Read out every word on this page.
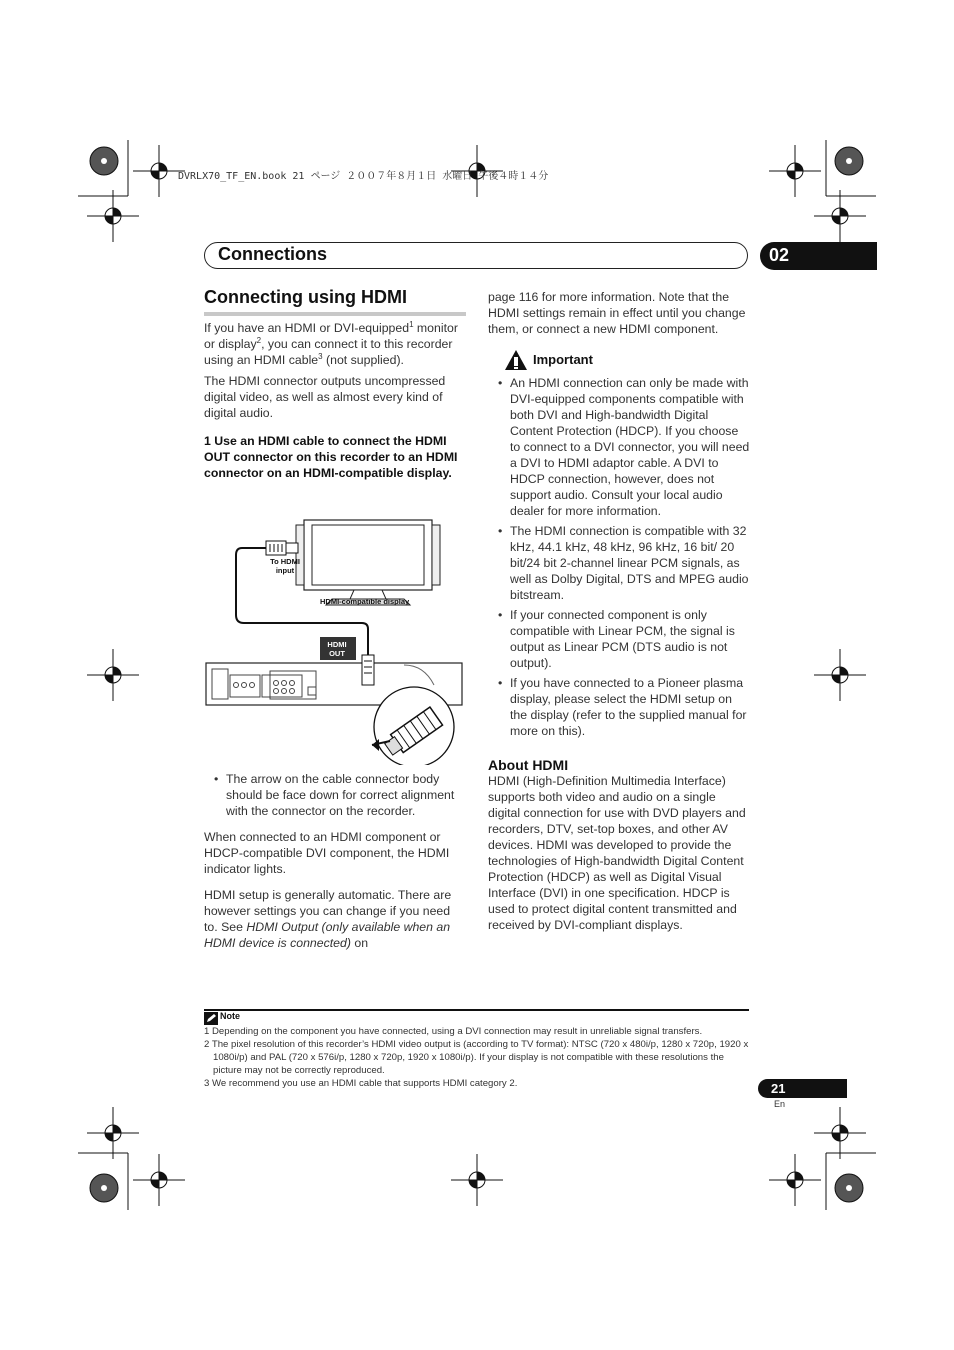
DVRLX70_TF_EN.book 21 ページ ２００７年８月１日 水曜日 午後４時１４分
Connections	02
Connecting using HDMI

If you have an HDMI or DVI-equipped$^1$ monitor or display$^2$, you can connect it to this recorder using an HDMI cable$^3$ (not supplied).

The HDMI connector outputs uncompressed digital video, as well as almost every kind of digital audio.

1 Use an HDMI cable to connect the HDMI OUT connector on this recorder to an HDMI connector on an HDMI-compatible display.

To HDMI input
HDMI-compatible display
HDMI OUT
• The arrow on the cable connector body should be face down for correct alignment with the connector on the recorder.

When connected to an HDMI component or HDCP-compatible DVI component, the HDMI indicator lights.

HDMI setup is generally automatic. There are however settings you can change if you need to. See HDMI Output (only available when an HDMI device is connected) on

page 116 for more information. Note that the HDMI settings remain in effect until you change them, or connect a new HDMI component.

Important
• An HDMI connection can only be made with DVI-equipped components compatible with both DVI and High-bandwidth Digital Content Protection (HDCP). If you choose to connect to a DVI connector, you will need a DVI to HDMI adaptor cable. A DVI to HDCP connection, however, does not support audio. Consult your local audio dealer for more information.
• The HDMI connection is compatible with 32 kHz, 44.1 kHz, 48 kHz, 96 kHz, 16 bit/ 20 bit/24 bit 2-channel linear PCM signals, as well as Dolby Digital, DTS and MPEG audio bitstream.
• If your connected component is only compatible with Linear PCM, the signal is output as Linear PCM (DTS audio is not output).
• If you have connected to a Pioneer plasma display, please select the HDMI setup on the display (refer to the supplied manual for more on this).
About HDMI

HDMI (High-Definition Multimedia Interface) supports both video and audio on a single digital connection for use with DVD players and recorders, DTV, set-top boxes, and other AV devices. HDMI was developed to provide the technologies of High-bandwidth Digital Content Protection (HDCP) as well as Digital Visual Interface (DVI) in one specification. HDCP is used to protect digital content transmitted and received by DVI-compliant displays.

Note
1 Depending on the component you have connected, using a DVI connection may result in unreliable signal transfers.
2 The pixel resolution of this recorder’s HDMI video output is (according to TV format): NTSC (720 x 480i/p, 1280 x 720p, 1920 x 1080i/p) and PAL (720 x 576i/p, 1280 x 720p, 1920 x 1080i/p). If your display is not compatible with these resolutions the picture may not be correctly reproduced.
3 We recommend you use an HDMI cable that supports HDMI category 2.	21
En
